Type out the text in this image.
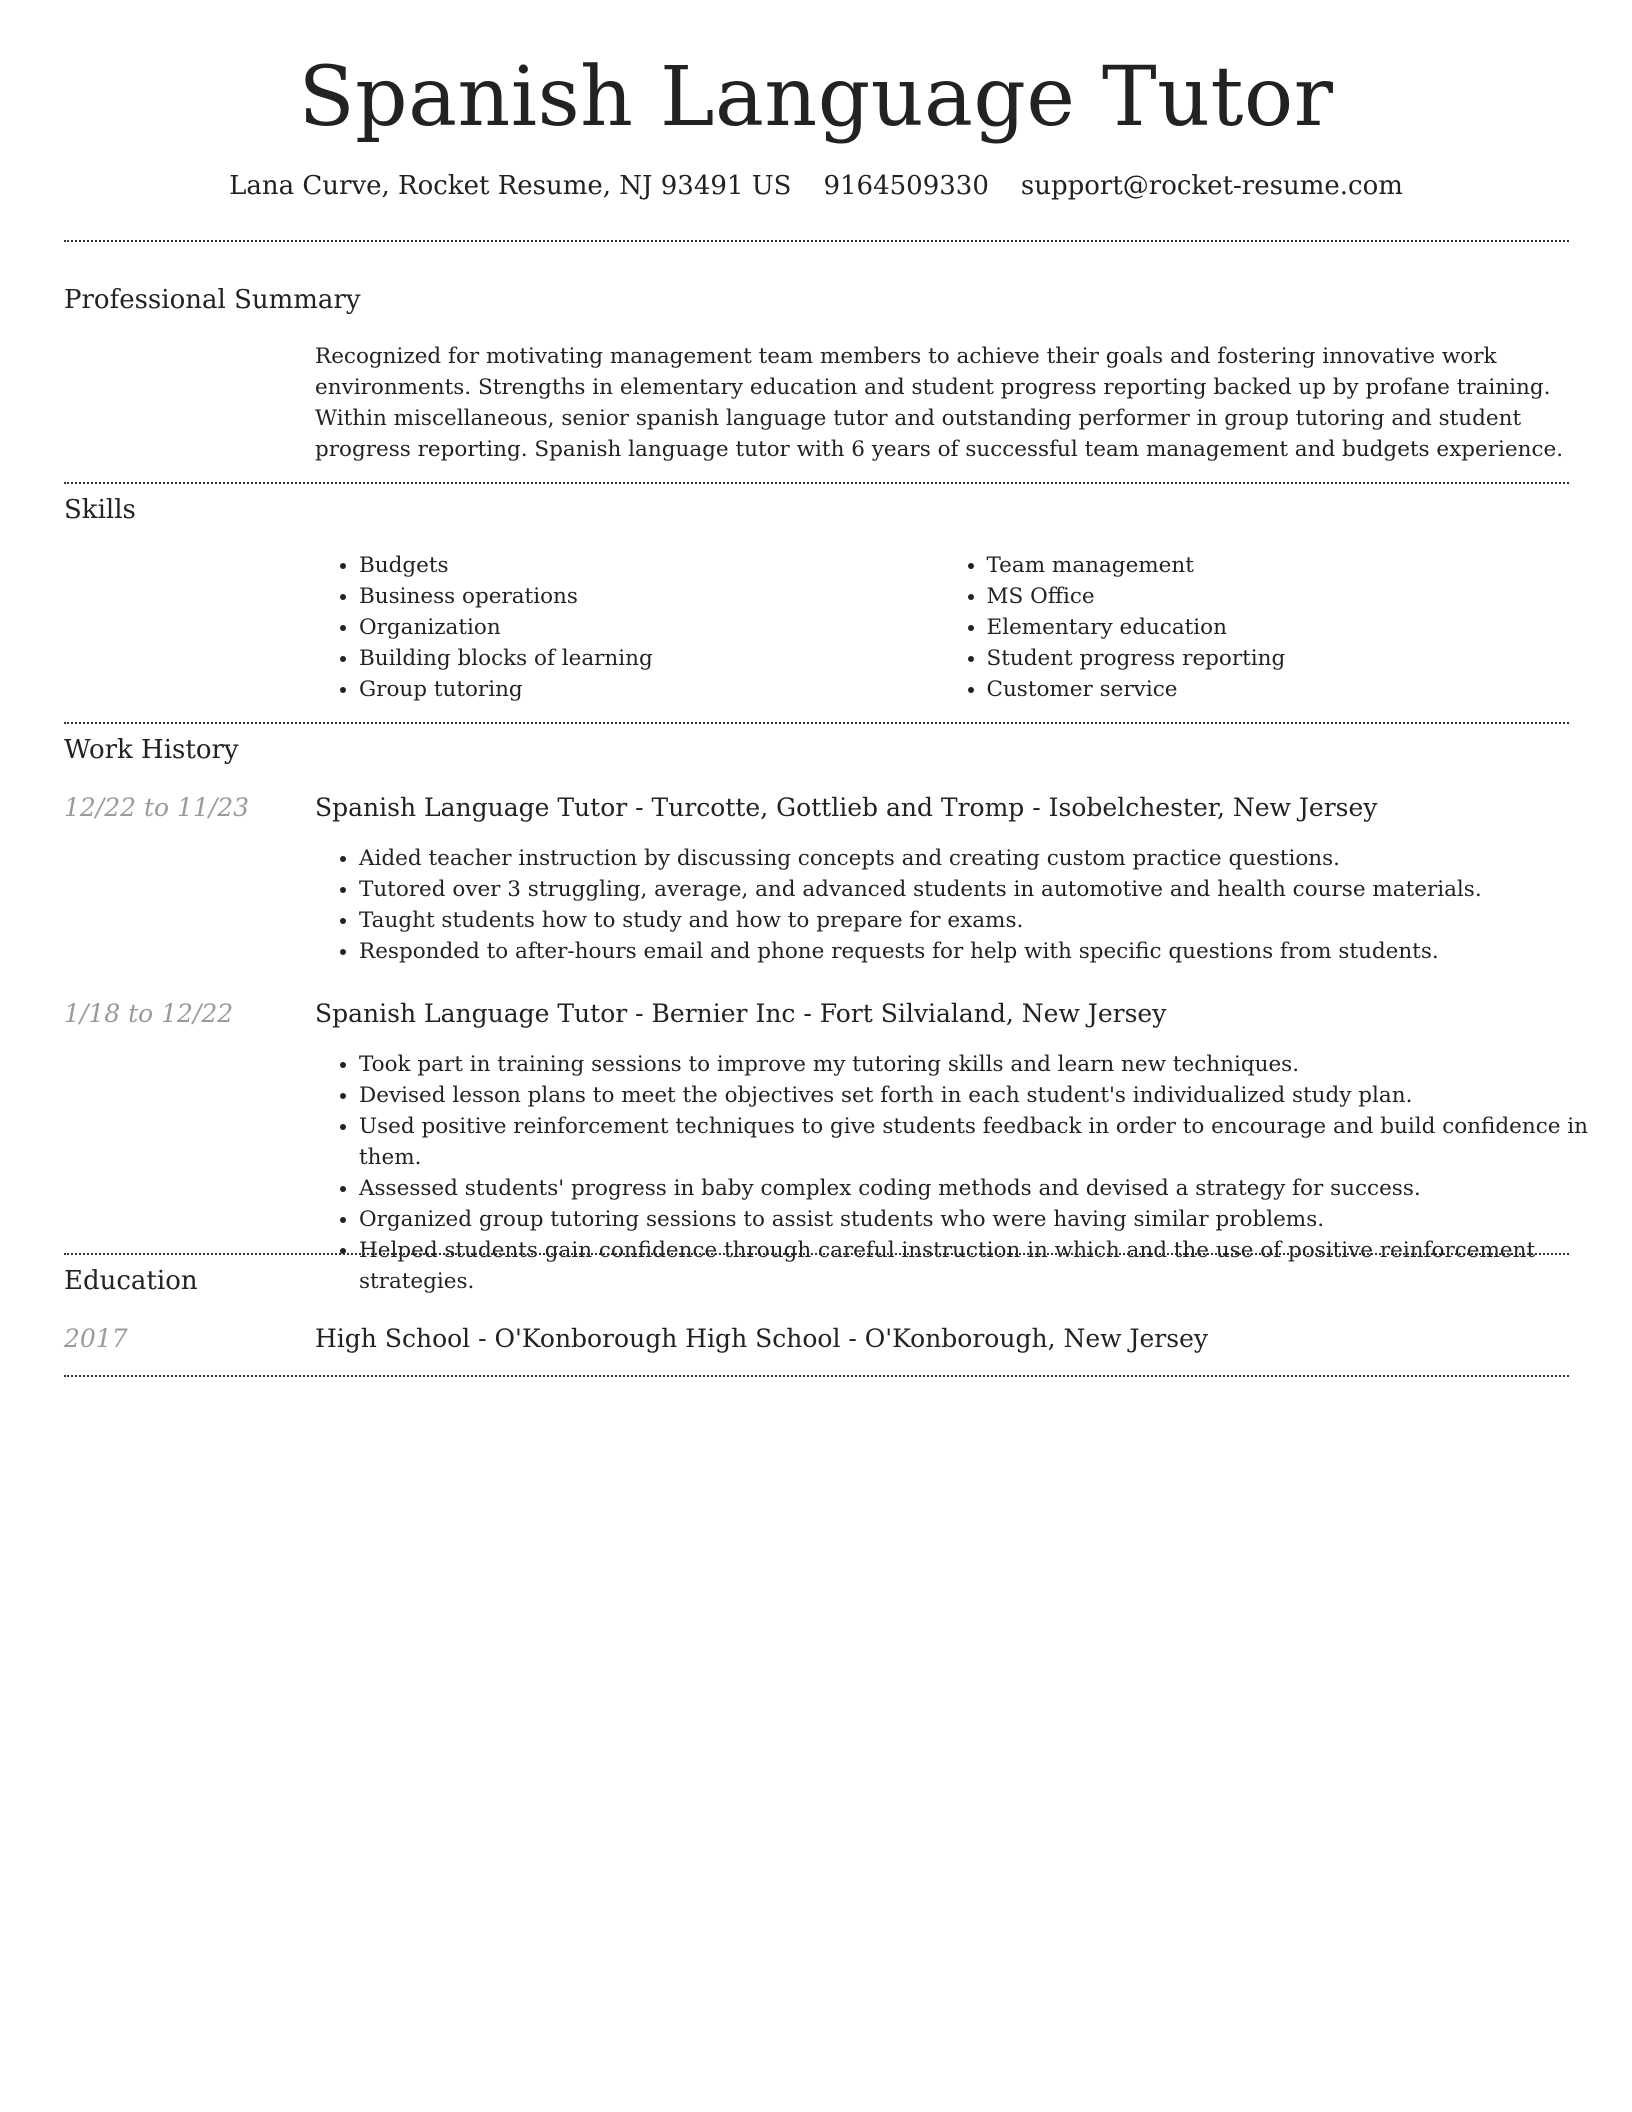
Spanish Language Tutor
Lana Curve, Rocket Resume, NJ 93491 US 9164509330 support@rocket-resume.com
Professional Summary

Recognized for motivating management team members to achieve their goals and fostering innovative work environments. Strengths in elementary education and student progress reporting backed up by profane training. Within miscellaneous, senior spanish language tutor and outstanding performer in group tutoring and student progress reporting. Spanish language tutor with 6 years of successful team management and budgets experience.

Skills
• Budgets
• Business operations
• Organization
• Building blocks of learning
• Group tutoring
• Team management
• MS Office
• Elementary education
• Student progress reporting
• Customer service
Work History
12/22 to 11/23	Spanish Language Tutor - Turcotte, Gottlieb and Tromp - Isobelchester, New Jersey
• Aided teacher instruction by discussing concepts and creating custom practice questions.
• Tutored over 3 struggling, average, and advanced students in automotive and health course materials.
• Taught students how to study and how to prepare for exams.
• Responded to after-hours email and phone requests for help with specific questions from students.
1/18 to 12/22	Spanish Language Tutor - Bernier Inc - Fort Silvialand, New Jersey
• Took part in training sessions to improve my tutoring skills and learn new techniques.
• Devised lesson plans to meet the objectives set forth in each student's individualized study plan.
• Used positive reinforcement techniques to give students feedback in order to encourage and build confidence in them.
• Assessed students' progress in baby complex coding methods and devised a strategy for success.
• Organized group tutoring sessions to assist students who were having similar problems.
• Helped students gain confidence through careful instruction in which and the use of positive reinforcement strategies.
Education
2017	High School - O'Konborough High School - O'Konborough, New Jersey
